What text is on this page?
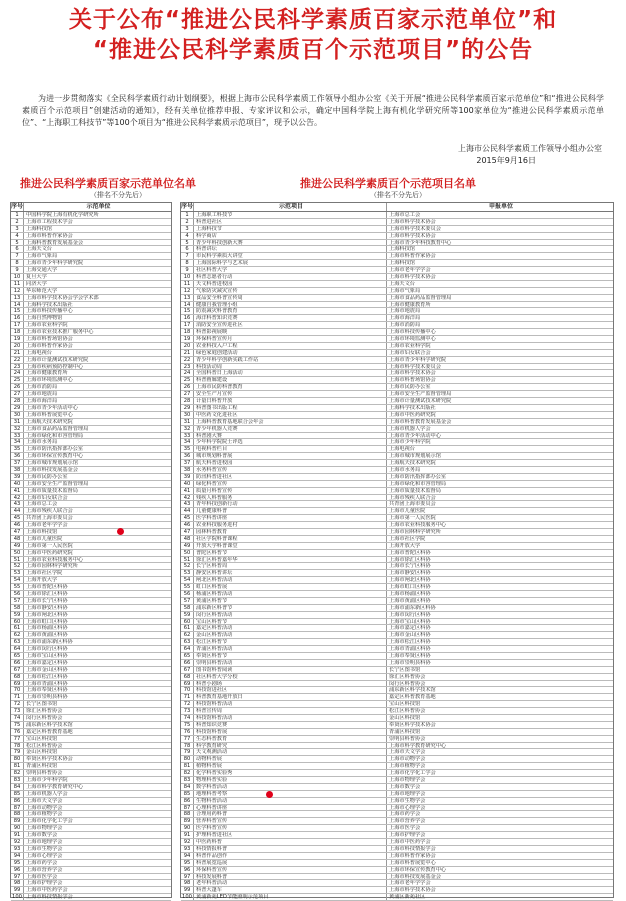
关于公布“推进公民科学素质百家示范单位”和
“推进公民科学素质百个示范项目”的公告
为进一步贯彻落实《全民科学素质行动计划纲要》，根据上海市公民科学素质工作领导小组办公室《关于开展“推进公民科学素质百家示范单位”和“推进公民科学素质百个示范项目”创建活动的通知》，经有关单位推荐申报、专家评议和公示，确定中国科学院上海有机化学研究所等100家单位为“推进公民科学素质示范单位”、“上海职工科技节”等100个项目为“推进公民科学素质示范项目”，现予以公告。
上海市公民科学素质工作领导小组办公室
2015年9月16日
推进公民科学素质百家示范单位名单
（排名不分先后）
推进公民科学素质百个示范项目名单
（排名不分先后）
序号	示范单位
1	中国科学院上海有机化学研究所
2	上海市工程技术学会
3	上海科技馆
4	上海市科普作家协会
5	上海科普教育发展基金会
6	上海天文台
7	上海市气象局
8	上海市青少年科学研究院
9	上海交通大学
10	复旦大学
11	同济大学
12	华东师范大学
13	上海市科学技术协会学会学术部
14	上海科学技术出版社
15	上海市科技传播中心
16	上海自然博物馆
17	上海市农业科学院
18	上海市农业技术推广服务中心
19	上海市科普场馆协会
20	上海市科普作家协会
21	上海电视台
22	上海市计量测试技术研究院
23	上海市疾病预防控制中心
24	上海市健康教育所
25	上海市环境监测中心
26	上海市消防局
27	上海市地震局
28	上海市海洋局
29	上海市青少年活动中心
30	上海市科普展览中心
31	上海航天技术研究院
32	上海市食品药品监督管理局
33	上海市绿化和市容管理局
34	上海市水务局
35	上海市防汛指挥部办公室
36	上海市环保宣传教育中心
37	上海市城市规划展示馆
38	上海市科技发展基金会
39	上海市民防办公室
40	上海市安全生产监督管理局
41	上海市质量技术监督局
42	上海市妇女联合会
43	上海市总工会
44	上海市残疾人联合会
45	共青团上海市委员会
46	上海市老年学学会
47	上海市科技馆
48	上海市儿童医院
49	上海市第一人民医院
50	上海市中医药研究院
51	上海市农业科技服务中心
52	上海市园林科学研究所
53	上海市社区学院
54	上海开放大学
55	上海市普陀区科协
56	上海市徐汇区科协
57	上海市长宁区科协
58	上海市静安区科协
59	上海市闸北区科协
60	上海市虹口区科协
61	上海市杨浦区科协
62	上海市黄浦区科协
63	上海市浦东新区科协
64	上海市闵行区科协
65	上海市宝山区科协
66	上海市嘉定区科协
67	上海市金山区科协
68	上海市松江区科协
69	上海市青浦区科协
70	上海市奉贤区科协
71	上海市崇明县科协
72	长宁区图书馆
73	徐汇区科普协会
74	闵行区科普协会
75	浦东新区科学技术馆
76	嘉定区科普教育基地
77	宝山区科技馆
78	松江区科普协会
79	金山区科技馆
80	奉贤区科学技术协会
81	青浦区科技馆
82	崇明县科普协会
83	上海市少年科学院
84	上海市科学教育研究中心
85	上海市机器人学会
86	上海市天文学会
87	上海市动物学会
88	上海市植物学会
89	上海市化学化工学会
90	上海市物理学会
91	上海市数学会
92	上海市地理学会
93	上海市生物学会
94	上海市心理学会
95	上海市药学会
96	上海市营养学会
97	上海市医学会
98	上海市护理学会
99	上海市中医药学会
100 上海市科技情报学会
序号	示范项目	申报单位
1	上海职工科技节	上海市总工会
2	科普进社区	上海市科学技术协会
3	上海科技节	上海市科学技术委员会
4	科学商店	上海市科学技术协会
5	青少年科技创新大赛	上海市青少年科技教育中心
6	科普讲坛	上海科技馆
7	市民科学素质大讲堂	上海市科普作家协会
8	上海国际科学与艺术展	上海科技馆
9	社区科普大学	上海市老年学学会
10	科普志愿者行动	上海市科学技术协会
11	天文科普进校园	上海天文台
12	气象防灾减灾宣传	上海市气象局
13	食品安全科普宣传周	上海市食品药品监督管理局
14	健康自我管理小组	上海市健康教育所
15	防震减灾科普教育	上海市地震局
16	海洋科普知识竞赛	上海市海洋局
17	消防安全宣传进社区	上海市消防局
18	科普影视展映	上海市科技传播中心
19	环保科普宣传月	上海市环境监测中心
20	农业科技入户工程	上海市农业科学院
21	绿色家庭创建活动	上海市妇女联合会
22	青少年科学创新实践工作站	上海市青少年科学研究院
23	科技活动周	上海市科学技术委员会
24	全国科普日上海活动	上海市科学技术协会
25	科普画廊建设	上海市科普场馆协会
26	上海市民防科普教育	上海市民防办公室
27	安全生产月宣传	上海市安全生产监督管理局
28	计量日科普开放	上海市计量测试技术研究院
29	科普图书出版工程	上海科学技术出版社
30	中医药文化进社区	上海市中医药研究院
31	上海科普教育基地联合会年会	上海市科普教育发展基金会
32	青少年机器人竞赛	上海市机器人学会
33	科普剧大赛	上海市青少年活动中心
34	少年科学院院士评选	上海市少年科学院
35	电视科普栏目	上海电视台
36	城市规划科普展	上海市城市规划展示馆
37	航天科普进校园	上海航天技术研究院
38	水务科普宣传	上海市水务局
39	防汛科普进社区	上海市防汛指挥部办公室
40	绿化科普宣传	上海市绿化和市容管理局
41	质量月科普宣传	上海市质量技术监督局
42	残疾人科普服务	上海市残疾人联合会
43	青年科技创新行动	共青团上海市委员会
44	儿童健康科普	上海市儿童医院
45	医学科普讲座	上海市第一人民医院
46	农业科技服务进村	上海市农业科技服务中心
47	园林科普教育	上海市园林科学研究所
48	社区学院科普课程	上海市社区学院
49	开放大学科普课堂	上海开放大学
50	普陀区科普节	上海市普陀区科协
51	徐汇区科普嘉年华	上海市徐汇区科协
52	长宁区科普周	上海市长宁区科协
53	静安区科普讲坛	上海市静安区科协
54	闸北区科普活动	上海市闸北区科协
55	虹口区科普展	上海市虹口区科协
56	杨浦区科普活动	上海市杨浦区科协
57	黄浦区科普节	上海市黄浦区科协
58	浦东新区科普节	上海市浦东新区科协
59	闵行区科普活动	上海市闵行区科协
60	宝山区科普节	上海市宝山区科协
61	嘉定区科普活动	上海市嘉定区科协
62	金山区科普活动	上海市金山区科协
63	松江区科普节	上海市松江区科协
64	青浦区科普活动	上海市青浦区科协
65	奉贤区科普节	上海市奉贤区科协
66	崇明县科普活动	上海市崇明县科协
67	图书馆科普阅读	长宁区图书馆
68	社区科普大学分校	徐汇区科普协会
69	科普小剧场	闵行区科普协会
70	科技馆进社区	浦东新区科学技术馆
71	科普教育基地开放日	嘉定区科普教育基地
72	科技馆科普活动	宝山区科技馆
73	科普宣传周	松江区科普协会
74	科技馆科普活动	金山区科技馆
75	科普知识竞赛	奉贤区科学技术协会
76	科技馆科普展	青浦区科技馆
77	生态科普教育	崇明县科普协会
78	科学教育研究	上海市科学教育研究中心
79	天文观测活动	上海市天文学会
80	动物科普展	上海市动物学会
81	植物科普展	上海市植物学会
82	化学科普实验秀	上海市化学化工学会
83	物理科普实验	上海市物理学会
84	数学科普活动	上海市数学会
85	地理科普考察	上海市地理学会
86	生物科普活动	上海市生物学会
87	心理科普讲座	上海市心理学会
88	合理用药科普	上海市药学会
89	营养科普宣传	上海市营养学会
90	医学科普宣传	上海市医学会
91	护理科普进社区	上海市护理学会
92	中医药科普	上海市中医药学会
93	科技情报科普	上海市科技情报学会
94	科普作品创作	上海市科普作家协会
95	科普展览巡展	上海市科普展览中心
96	环保科普宣传	上海市环保宣传教育中心
97	科技发展科普	上海市科技发展基金会
98	老年科普活动	上海市老年学学会
99	科普大篷车	上海市科学技术协会
100 黄浦新苑LED节能照明示范项目	黄浦区新苑社区
